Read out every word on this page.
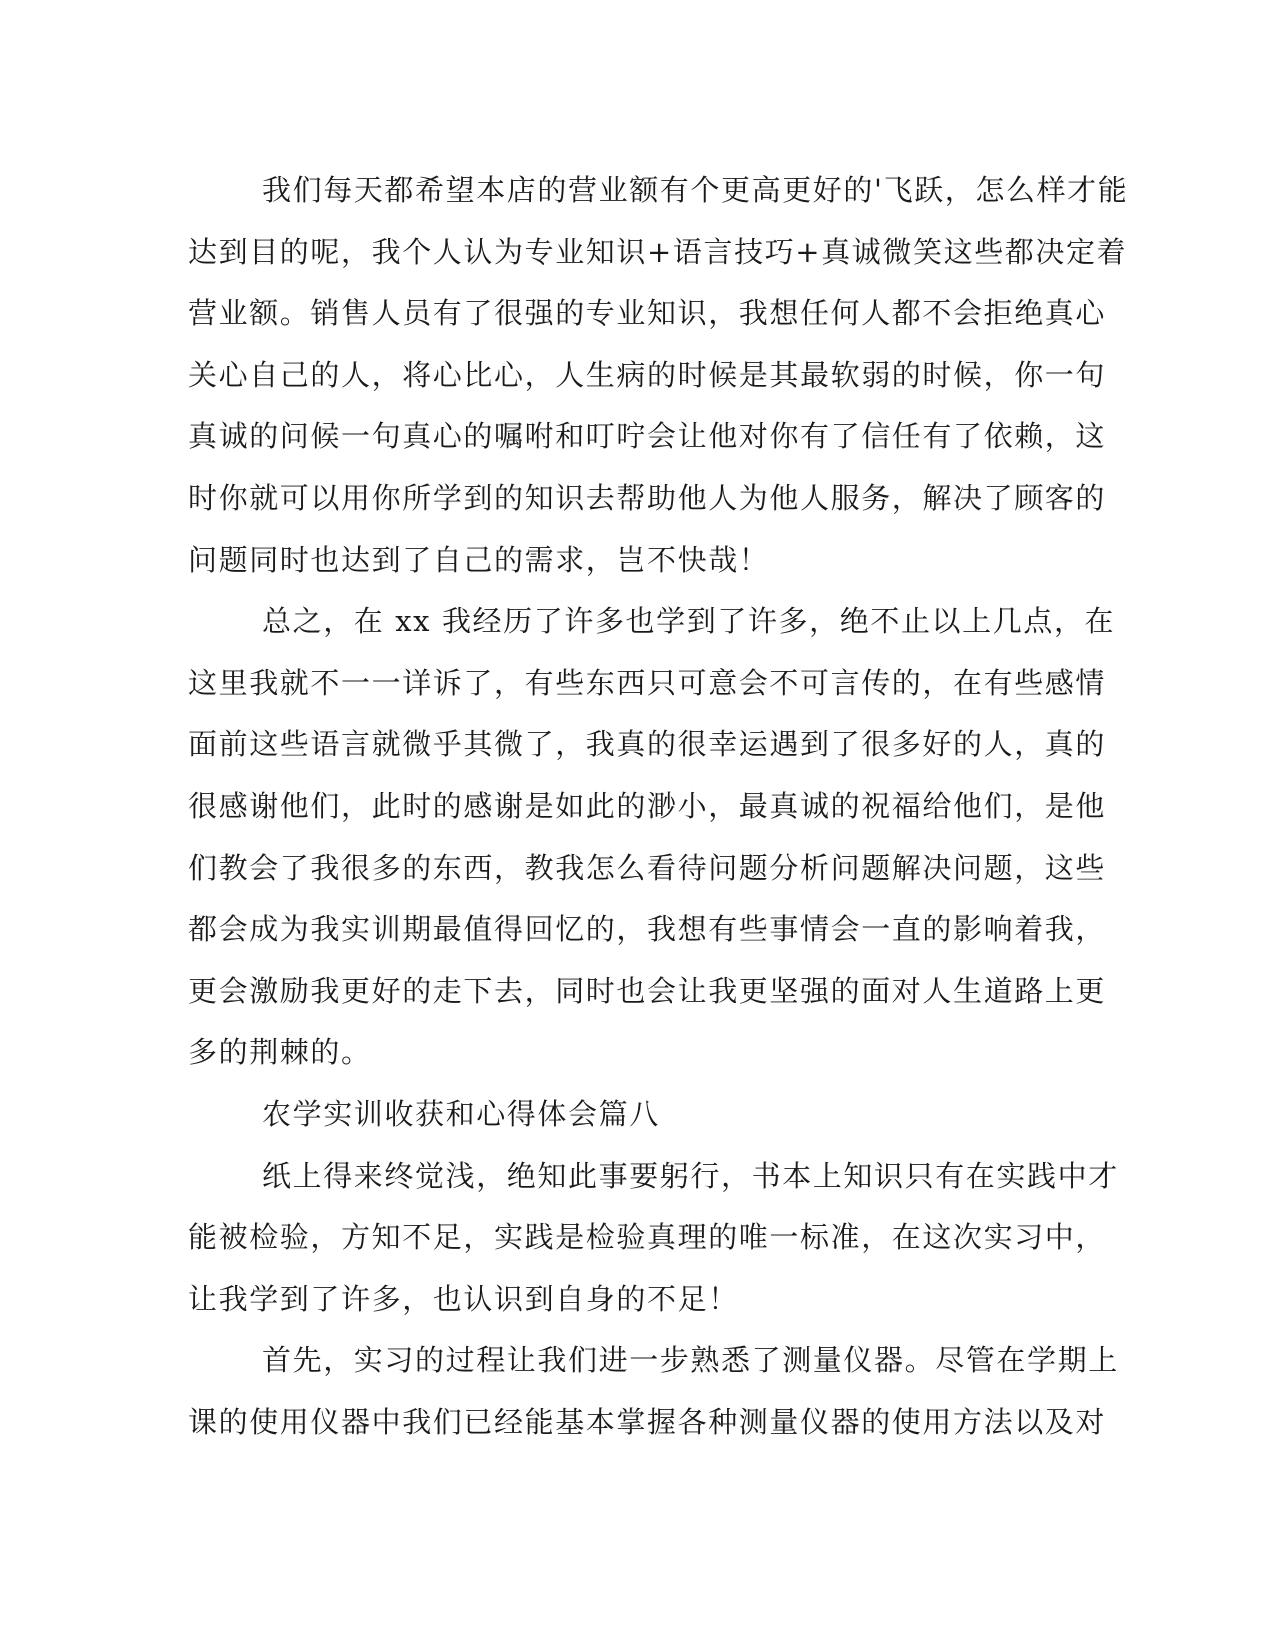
我们每天都希望本店的营业额有个更高更好的'飞跃，怎么样才能
达到目的呢，我个人认为专业知识+语言技巧+真诚微笑这些都决定着
营业额。销售人员有了很强的专业知识，我想任何人都不会拒绝真心
关心自己的人，将心比心，人生病的时候是其最软弱的时候，你一句
真诚的问候一句真心的嘱咐和叮咛会让他对你有了信任有了依赖，这
时你就可以用你所学到的知识去帮助他人为他人服务，解决了顾客的
问题同时也达到了自己的需求，岂不快哉！
总之，在 xx 我经历了许多也学到了许多，绝不止以上几点，在
这里我就不一一详诉了，有些东西只可意会不可言传的，在有些感情
面前这些语言就微乎其微了，我真的很幸运遇到了很多好的人，真的
很感谢他们，此时的感谢是如此的渺小，最真诚的祝福给他们，是他
们教会了我很多的东西，教我怎么看待问题分析问题解决问题，这些
都会成为我实训期最值得回忆的，我想有些事情会一直的影响着我，
更会激励我更好的走下去，同时也会让我更坚强的面对人生道路上更
多的荆棘的。
农学实训收获和心得体会篇八
纸上得来终觉浅，绝知此事要躬行，书本上知识只有在实践中才
能被检验，方知不足，实践是检验真理的唯一标准，在这次实习中，
让我学到了许多，也认识到自身的不足！
首先，实习的过程让我们进一步熟悉了测量仪器。尽管在学期上
课的使用仪器中我们已经能基本掌握各种测量仪器的使用方法以及对
